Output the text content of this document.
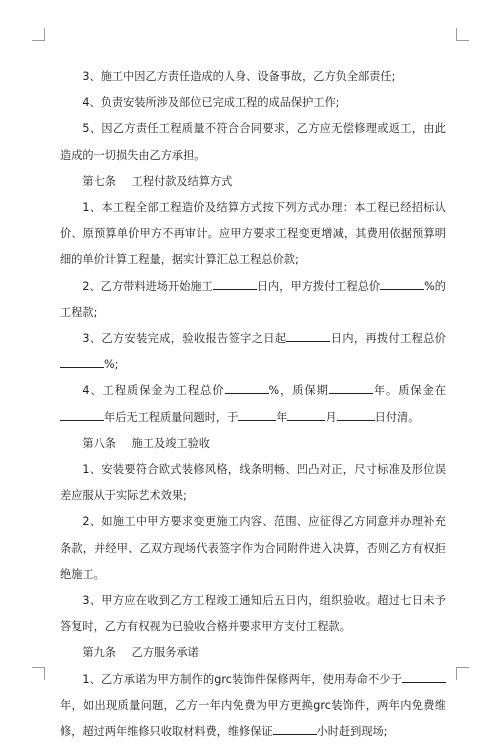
3、施工中因乙方责任造成的人身、设备事故，乙方负全部责任;

4、负责安装所涉及部位已完成工程的成品保护工作;

5、因乙方责任工程质量不符合合同要求，乙方应无偿修理或返工，由此造成的一切损失由乙方承担。

第七条 工程付款及结算方式

1、本工程全部工程造价及结算方式按下列方式办理：本工程已经招标认价、原预算单价甲方不再审计。应甲方要求工程变更增减，其费用依据预算明细的单价计算工程量，据实计算汇总工程总价款;

2、乙方带料进场开始施工	日内，甲方拨付工程总价	%的工程款;

3、乙方安装完成，验收报告签字之日起	日内，再拨付工程总价%;

4、工程质保金为工程总价	%，质保期	年。质保金在年后无工程质量问题时，于	年	月	日付清。

第八条 施工及竣工验收

1、安装要符合欧式装修风格，线条明畅、凹凸对正，尺寸标准及形位误差应服从于实际艺术效果;

2、如施工中甲方要求变更施工内容、范围、应征得乙方同意并办理补充条款，并经甲、乙双方现场代表签字作为合同附件进入决算，否则乙方有权拒绝施工。

3、甲方应在收到乙方工程竣工通知后五日内，组织验收。超过七日未予答复时，乙方有权视为已验收合格并要求甲方支付工程款。

第九条 乙方服务承诺

1、乙方承诺为甲方制作的grc装饰件保修两年，使用寿命不少于年，如出现质量问题，乙方一年内免费为甲方更换grc装饰件，两年内免费维修，超过两年维修只收取材料费，维修保证	小时赶到现场;
